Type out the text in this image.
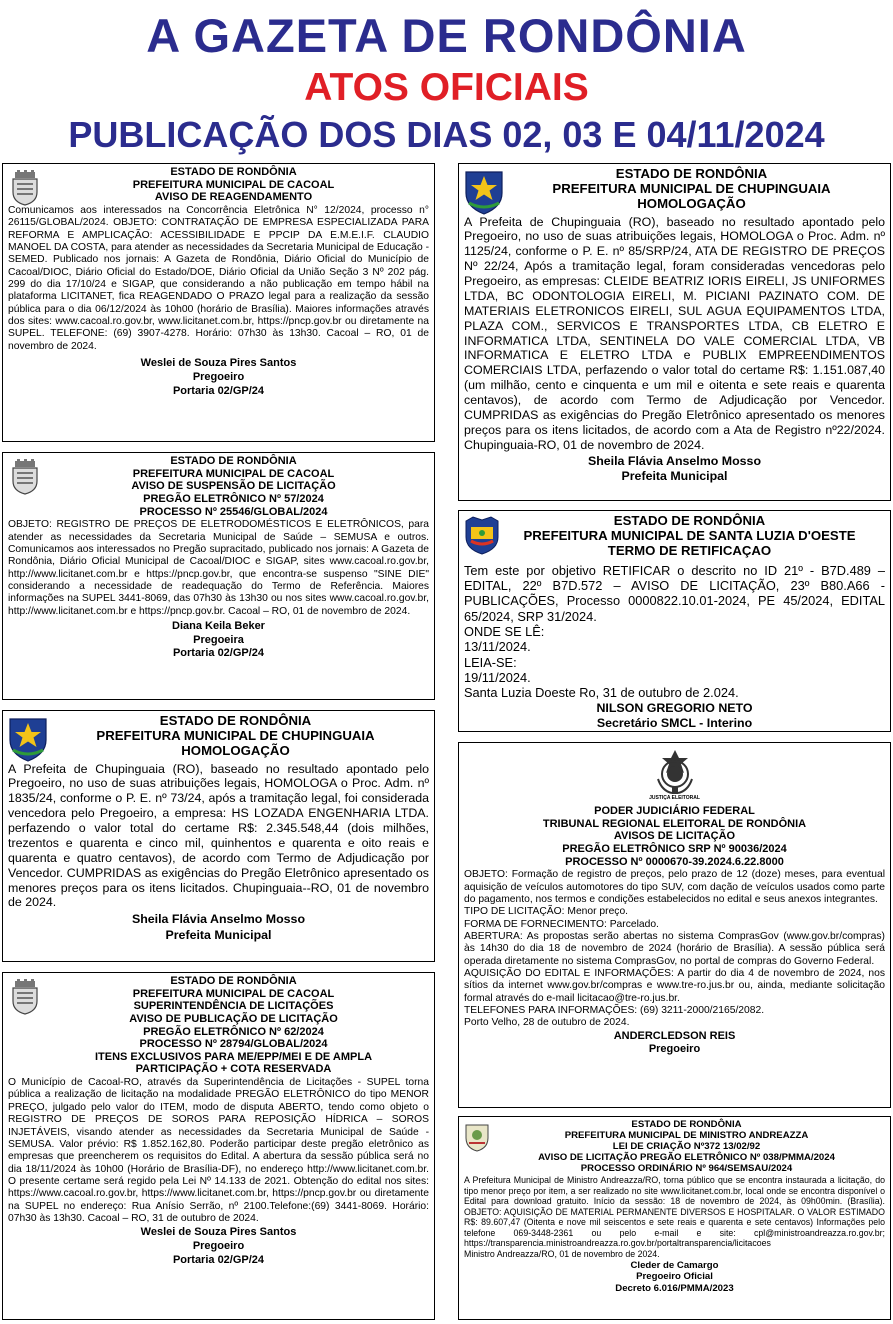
A GAZETA DE RONDÔNIA
ATOS OFICIAIS
PUBLICAÇÃO DOS DIAS 02, 03 E 04/11/2024
ESTADO DE RONDÔNIA
PREFEITURA MUNICIPAL DE CACOAL
AVISO DE REAGENDAMENTO
Comunicamos aos interessados na Concorrência Eletrônica N° 12/2024, processo n° 26115/GLOBAL/2024. OBJETO: CONTRATAÇÃO DE EMPRESA ESPECIALIZADA PARA REFORMA E AMPLICAÇÃO: ACESSIBILIDADE E PPCIP DA E.M.E.I.F. CLAUDIO MANOEL DA COSTA, para atender as necessidades da Secretaria Municipal de Educação - SEMED. Publicado nos jornais: A Gazeta de Rondônia, Diário Oficial do Município de Cacoal/DIOC, Diário Oficial do Estado/DOE, Diário Oficial da União Seção 3 Nº 202 pág. 299 do dia 17/10/24 e SIGAP, que considerando a não publicação em tempo hábil na plataforma LICITANET, fica REAGENDADO O PRAZO legal para a realização da sessão pública para o dia 06/12/2024 às 10h00 (horário de Brasília). Maiores informações através dos sites: www.cacoal.ro.gov.br, www.licitanet.com.br, https://pncp.gov.br ou diretamente na SUPEL. TELEFONE: (69) 3907-4278. Horário: 07h30 às 13h30. Cacoal – RO, 01 de novembro de 2024.
Weslei de Souza Pires Santos
Pregoeiro
Portaria 02/GP/24
ESTADO DE RONDÔNIA
PREFEITURA MUNICIPAL DE CACOAL
AVISO DE SUSPENSÃO DE LICITAÇÃO
PREGÃO ELETRÔNICO Nº 57/2024
PROCESSO Nº 25546/GLOBAL/2024
OBJETO: REGISTRO DE PREÇOS DE ELETRODOMÉSTICOS E ELETRÔNICOS, para atender as necessidades da Secretaria Municipal de Saúde – SEMUSA e outros. Comunicamos aos interessados no Pregão supracitado, publicado nos jornais: A Gazeta de Rondônia, Diário Oficial Municipal de Cacoal/DIOC e SIGAP, sites www.cacoal.ro.gov.br, http://www.licitanet.com.br e https://pncp.gov.br, que encontra-se suspenso "SINE DIE" considerando a necessidade de readequação do Termo de Referência. Maiores informações na SUPEL 3441-8069, das 07h30 às 13h30 ou nos sites www.cacoal.ro.gov.br, http://www.licitanet.com.br e https://pncp.gov.br. Cacoal – RO, 01 de novembro de 2024.
Diana Keila Beker
Pregoeira
Portaria 02/GP/24
ESTADO DE RONDÔNIA
PREFEITURA MUNICIPAL DE CHUPINGUAIA
HOMOLOGAÇÃO
A Prefeita de Chupinguaia (RO), baseado no resultado apontado pelo Pregoeiro, no uso de suas atribuições legais, HOMOLOGA o Proc. Adm. nº 1835/24, conforme o P. E. nº 73/24, após a tramitação legal, foi considerada vencedora pelo Pregoeiro, a empresa: HS LOZADA ENGENHARIA LTDA. perfazendo o valor total do certame R$: 2.345.548,44 (dois milhões, trezentos e quarenta e cinco mil, quinhentos e quarenta e oito reais e quarenta e quatro centavos), de acordo com Termo de Adjudicação por Vencedor. CUMPRIDAS as exigências do Pregão Eletrônico apresentado os menores preços para os itens licitados. Chupinguaia--RO, 01 de novembro de 2024.
Sheila Flávia Anselmo Mosso
Prefeita Municipal
ESTADO DE RONDÔNIA
PREFEITURA MUNICIPAL DE CACOAL
SUPERINTENDÊNCIA DE LICITAÇÕES
AVISO DE PUBLICAÇÃO DE LICITAÇÃO
PREGÃO ELETRÔNICO Nº 62/2024
PROCESSO Nº 28794/GLOBAL/2024
ITENS EXCLUSIVOS PARA ME/EPP/MEI E DE AMPLA
PARTICIPAÇÃO + COTA RESERVADA
O Município de Cacoal-RO, através da Superintendência de Licitações - SUPEL torna pública a realização de licitação na modalidade PREGÃO ELETRÔNICO do tipo MENOR PREÇO, julgado pelo valor do ITEM, modo de disputa ABERTO, tendo como objeto o REGISTRO DE PREÇOS DE SOROS PARA REPOSIÇÃO HÍDRICA – SOROS INJETÁVEIS, visando atender as necessidades da Secretaria Municipal de Saúde - SEMUSA. Valor prévio: R$ 1.852.162,80. Poderão participar deste pregão eletrônico as empresas que preencherem os requisitos do Edital. A abertura da sessão pública será no dia 18/11/2024 às 10h00 (Horário de Brasília-DF), no endereço http://www.licitanet.com.br. O presente certame será regido pela Lei Nº 14.133 de 2021. Obtenção do edital nos sites: https://www.cacoal.ro.gov.br, https://www.licitanet.com.br, https://pncp.gov.br ou diretamente na SUPEL no endereço: Rua Anísio Serrão, nº 2100.Telefone:(69) 3441-8069. Horário: 07h30 às 13h30. Cacoal – RO, 31 de outubro de 2024.
Weslei de Souza Pires Santos
Pregoeiro
Portaria 02/GP/24
ESTADO DE RONDÔNIA
PREFEITURA MUNICIPAL DE CHUPINGUAIA
HOMOLOGAÇÃO
A Prefeita de Chupinguaia (RO), baseado no resultado apontado pelo Pregoeiro, no uso de suas atribuições legais, HOMOLOGA o Proc. Adm. nº 1125/24, conforme o P. E. nº 85/SRP/24, ATA DE REGISTRO DE PREÇOS Nº 22/24, Após a tramitação legal, foram consideradas vencedoras pelo Pregoeiro, as empresas: CLEIDE BEATRIZ IORIS EIRELI, JS UNIFORMES LTDA, BC ODONTOLOGIA EIRELI, M. PICIANI PAZINATO COM. DE MATERIAIS ELETRONICOS EIRELI, SUL AGUA EQUIPAMENTOS LTDA, PLAZA COM., SERVICOS E TRANSPORTES LTDA, CB ELETRO E INFORMATICA LTDA, SENTINELA DO VALE COMERCIAL LTDA, VB INFORMATICA E ELETRO LTDA e PUBLIX EMPREENDIMENTOS COMERCIAIS LTDA, perfazendo o valor total do certame R$: 1.151.087,40 (um milhão, cento e cinquenta e um mil e oitenta e sete reais e quarenta centavos), de acordo com Termo de Adjudicação por Vencedor. CUMPRIDAS as exigências do Pregão Eletrônico apresentado os menores preços para os itens licitados, de acordo com a Ata de Registro nº22/2024. Chupinguaia-RO, 01 de novembro de 2024.
Sheila Flávia Anselmo Mosso
Prefeita Municipal
ESTADO DE RONDÔNIA
PREFEITURA MUNICIPAL DE SANTA LUZIA D'OESTE
TERMO DE RETIFICAÇAO
Tem este por objetivo RETIFICAR o descrito no ID 21º - B7D.489 – EDITAL, 22º B7D.572 – AVISO DE LICITAÇÃO, 23º B80.A66 - PUBLICAÇÕES, Processo 0000822.10.01-2024, PE 45/2024, EDITAL 65/2024, SRP 31/2024.
ONDE SE LÊ:
13/11/2024.
LEIA-SE:
19/11/2024.
Santa Luzia Doeste Ro, 31 de outubro de 2.024.
NILSON GREGORIO NETO
Secretário SMCL - Interino
JUSTIÇA ELEITORAL
PODER JUDICIÁRIO FEDERAL
TRIBUNAL REGIONAL ELEITORAL DE RONDÔNIA
AVISOS DE LICITAÇÃO
PREGÃO ELETRÔNICO SRP Nº 90036/2024
PROCESSO Nº 0000670-39.2024.6.22.8000
OBJETO: Formação de registro de preços, pelo prazo de 12 (doze) meses, para eventual aquisição de veículos automotores do tipo SUV, com dação de veículos usados como parte do pagamento, nos termos e condições estabelecidos no edital e seus anexos integrantes.
TIPO DE LICITAÇÃO: Menor preço.
FORMA DE FORNECIMENTO: Parcelado.
ABERTURA: As propostas serão abertas no sistema ComprasGov (www.gov.br/compras) às 14h30 do dia 18 de novembro de 2024 (horário de Brasília). A sessão pública será operada diretamente no sistema ComprasGov, no portal de compras do Governo Federal.
AQUISIÇÃO DO EDITAL E INFORMAÇÕES: A partir do dia 4 de novembro de 2024, nos sítios da internet www.gov.br/compras e www.tre-ro.jus.br ou, ainda, mediante solicitação formal através do e-mail licitacao@tre-ro.jus.br.
TELEFONES PARA INFORMAÇÕES: (69) 3211-2000/2165/2082.
Porto Velho, 28 de outubro de 2024.
ANDERCLEDSON REIS
Pregoeiro
ESTADO DE RONDÔNIA
PREFEITURA MUNICIPAL DE MINISTRO ANDREAZZA
LEI DE CRIAÇÃO Nº372 13/02/92
AVISO DE LICITAÇÃO PREGÃO ELETRÔNICO Nº 038/PMMA/2024
PROCESSO ORDINÁRIO Nº 964/SEMSAU/2024
A Prefeitura Municipal de Ministro Andreazza/RO, torna público que se encontra instaurada a licitação, do tipo menor preço por item, a ser realizado no site www.licitanet.com.br, local onde se encontra disponível o Edital para download gratuito. Início da sessão: 18 de novembro de 2024, às 09h00min. (Brasília). OBJETO: AQUISIÇÃO DE MATERIAL PERMANENTE DIVERSOS E HOSPITALAR. O VALOR ESTIMADO R$: 89.607,47 (Oitenta e nove mil seiscentos e sete reais e quarenta e sete centavos) Informações pelo telefone 069-3448-2361 ou pelo e-mail e site: cpl@ministroandreazza.ro.gov.br; https://transparencia.ministroandreazza.ro.gov.br/portaltransparencia/licitacoes
Ministro Andreazza/RO, 01 de novembro de 2024.
Cleder de Camargo
Pregoeiro Oficial
Decreto 6.016/PMMA/2023
